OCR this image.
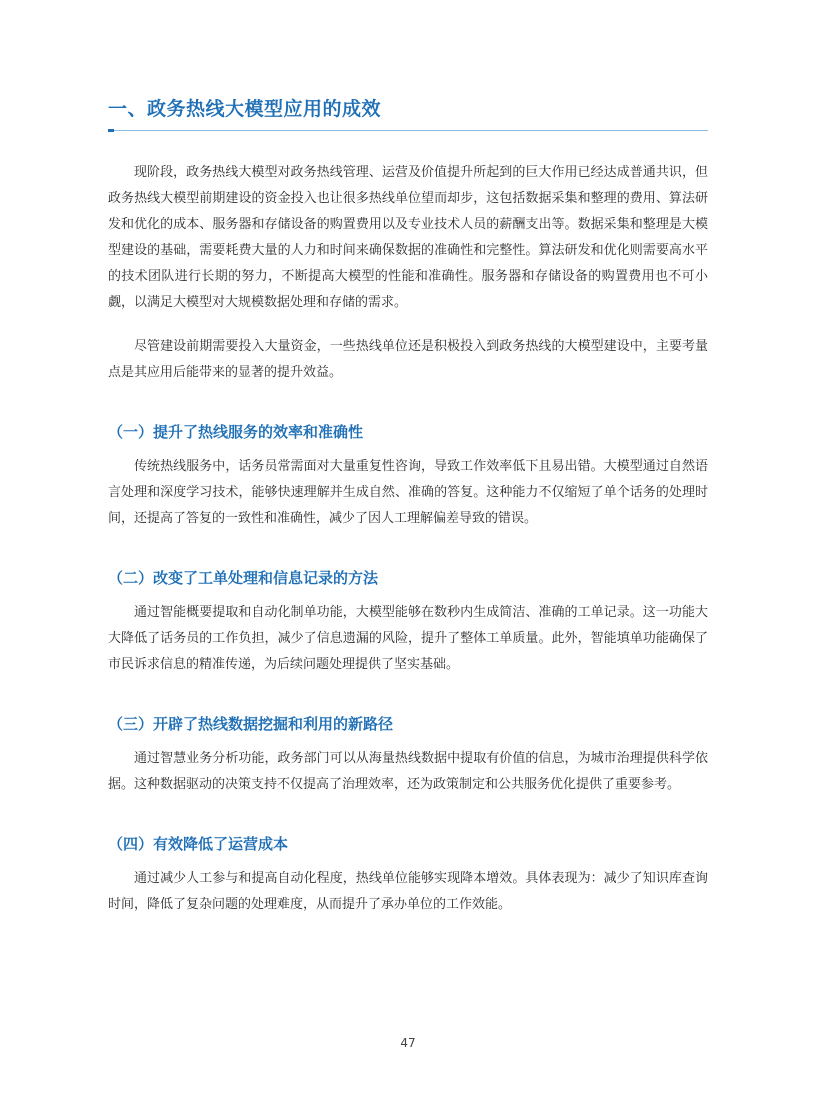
一、政务热线大模型应用的成效

现阶段，政务热线大模型对政务热线管理、运营及价值提升所起到的巨大作用已经达成普通共识，但政务热线大模型前期建设的资金投入也让很多热线单位望而却步，这包括数据采集和整理的费用、算法研发和优化的成本、服务器和存储设备的购置费用以及专业技术人员的薪酬支出等。数据采集和整理是大模型建设的基础，需要耗费大量的人力和时间来确保数据的准确性和完整性。算法研发和优化则需要高水平的技术团队进行长期的努力，不断提高大模型的性能和准确性。服务器和存储设备的购置费用也不可小觑，以满足大模型对大规模数据处理和存储的需求。

尽管建设前期需要投入大量资金，一些热线单位还是积极投入到政务热线的大模型建设中，主要考量点是其应用后能带来的显著的提升效益。

（一）提升了热线服务的效率和准确性

传统热线服务中，话务员常需面对大量重复性咨询，导致工作效率低下且易出错。大模型通过自然语言处理和深度学习技术，能够快速理解并生成自然、准确的答复。这种能力不仅缩短了单个话务的处理时间，还提高了答复的一致性和准确性，减少了因人工理解偏差导致的错误。

（二）改变了工单处理和信息记录的方法

通过智能概要提取和自动化制单功能，大模型能够在数秒内生成简洁、准确的工单记录。这一功能大大降低了话务员的工作负担，减少了信息遗漏的风险，提升了整体工单质量。此外，智能填单功能确保了市民诉求信息的精准传递，为后续问题处理提供了坚实基础。

（三）开辟了热线数据挖掘和利用的新路径

通过智慧业务分析功能，政务部门可以从海量热线数据中提取有价值的信息，为城市治理提供科学依据。这种数据驱动的决策支持不仅提高了治理效率，还为政策制定和公共服务优化提供了重要参考。

（四）有效降低了运营成本

通过减少人工参与和提高自动化程度，热线单位能够实现降本增效。具体表现为：减少了知识库查询时间，降低了复杂问题的处理难度，从而提升了承办单位的工作效能。

47
